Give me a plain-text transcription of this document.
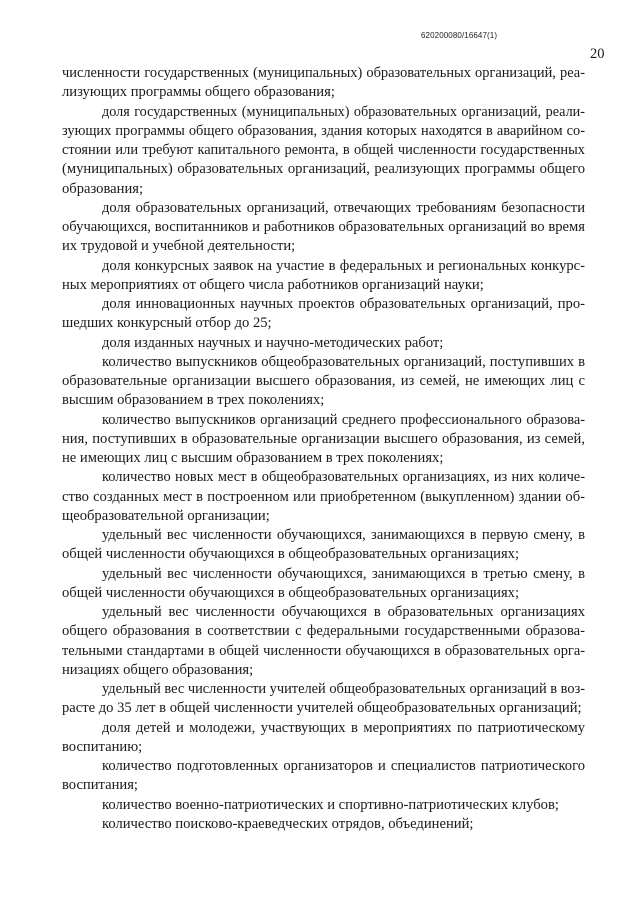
620200080/16647(1)
20
численности государственных (муниципальных) образовательных организаций, реа-
лизующих программы общего образования;
доля государственных (муниципальных) образовательных организаций, реали-
зующих программы общего образования, здания которых находятся в аварийном со-
стоянии или требуют капитального ремонта, в общей численности государственных
(муниципальных) образовательных организаций, реализующих программы общего
образования;
доля образовательных организаций, отвечающих требованиям безопасности
обучающихся, воспитанников и работников образовательных организаций во время
их трудовой и учебной деятельности;
доля конкурсных заявок на участие в федеральных и региональных конкурс-
ных мероприятиях от общего числа работников организаций науки;
доля инновационных научных проектов образовательных организаций, про-
шедших конкурсный отбор до 25;
доля изданных научных и научно-методических работ;
количество выпускников общеобразовательных организаций, поступивших в
образовательные организации высшего образования, из семей, не имеющих лиц с
высшим образованием в трех поколениях;
количество выпускников организаций среднего профессионального образова-
ния, поступивших в образовательные организации высшего образования, из семей,
не имеющих лиц с высшим образованием в трех поколениях;
количество новых мест в общеобразовательных организациях, из них количе-
ство созданных мест в построенном или приобретенном (выкупленном) здании об-
щеобразовательной организации;
удельный вес численности обучающихся, занимающихся в первую смену, в
общей численности обучающихся в общеобразовательных организациях;
удельный вес численности обучающихся, занимающихся в третью смену, в
общей численности обучающихся в общеобразовательных организациях;
удельный вес численности обучающихся в образовательных организациях
общего образования в соответствии с федеральными государственными образова-
тельными стандартами в общей численности обучающихся в образовательных орга-
низациях общего образования;
удельный вес численности учителей общеобразовательных организаций в воз-
расте до 35 лет в общей численности учителей общеобразовательных организаций;
доля детей и молодежи, участвующих в мероприятиях по патриотическому
воспитанию;
количество подготовленных организаторов и специалистов патриотического
воспитания;
количество военно-патриотических и спортивно-патриотических клубов;
количество поисково-краеведческих отрядов, объединений;
